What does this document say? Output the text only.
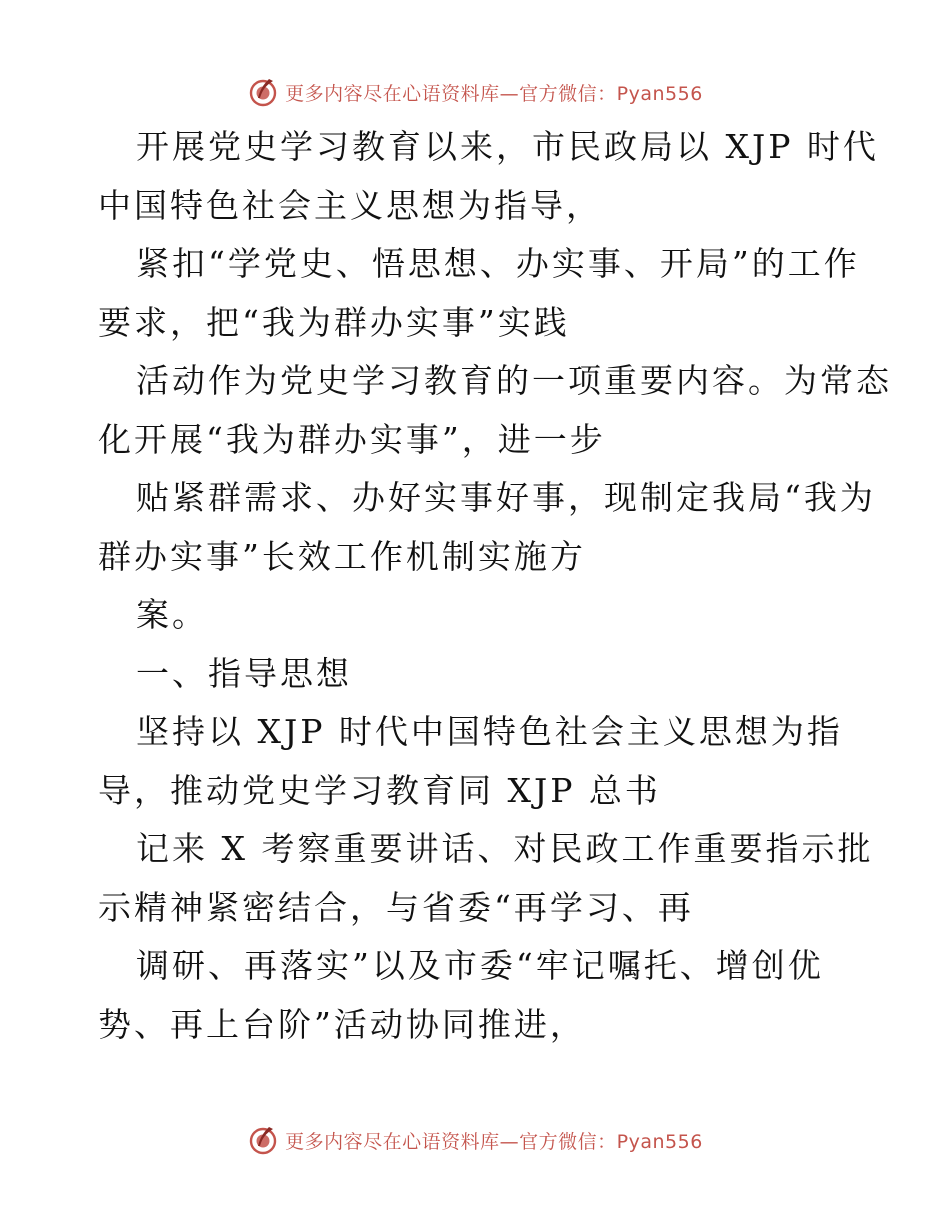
更多内容尽在心语资料库—官方微信：Pyan556
开展党史学习教育以来，市民政局以 XJP 时代
中国特色社会主义思想为指导，
紧扣“学党史、悟思想、办实事、开局”的工作
要求，把“我为群办实事”实践
活动作为党史学习教育的一项重要内容。为常态
化开展“我为群办实事”，进一步
贴紧群需求、办好实事好事，现制定我局“我为
群办实事”长效工作机制实施方
案。
一、指导思想
坚持以 XJP 时代中国特色社会主义思想为指
导，推动党史学习教育同 XJP 总书
记来 X 考察重要讲话、对民政工作重要指示批
示精神紧密结合，与省委“再学习、再
调研、再落实”以及市委“牢记嘱托、增创优
势、再上台阶”活动协同推进，
更多内容尽在心语资料库—官方微信：Pyan556
